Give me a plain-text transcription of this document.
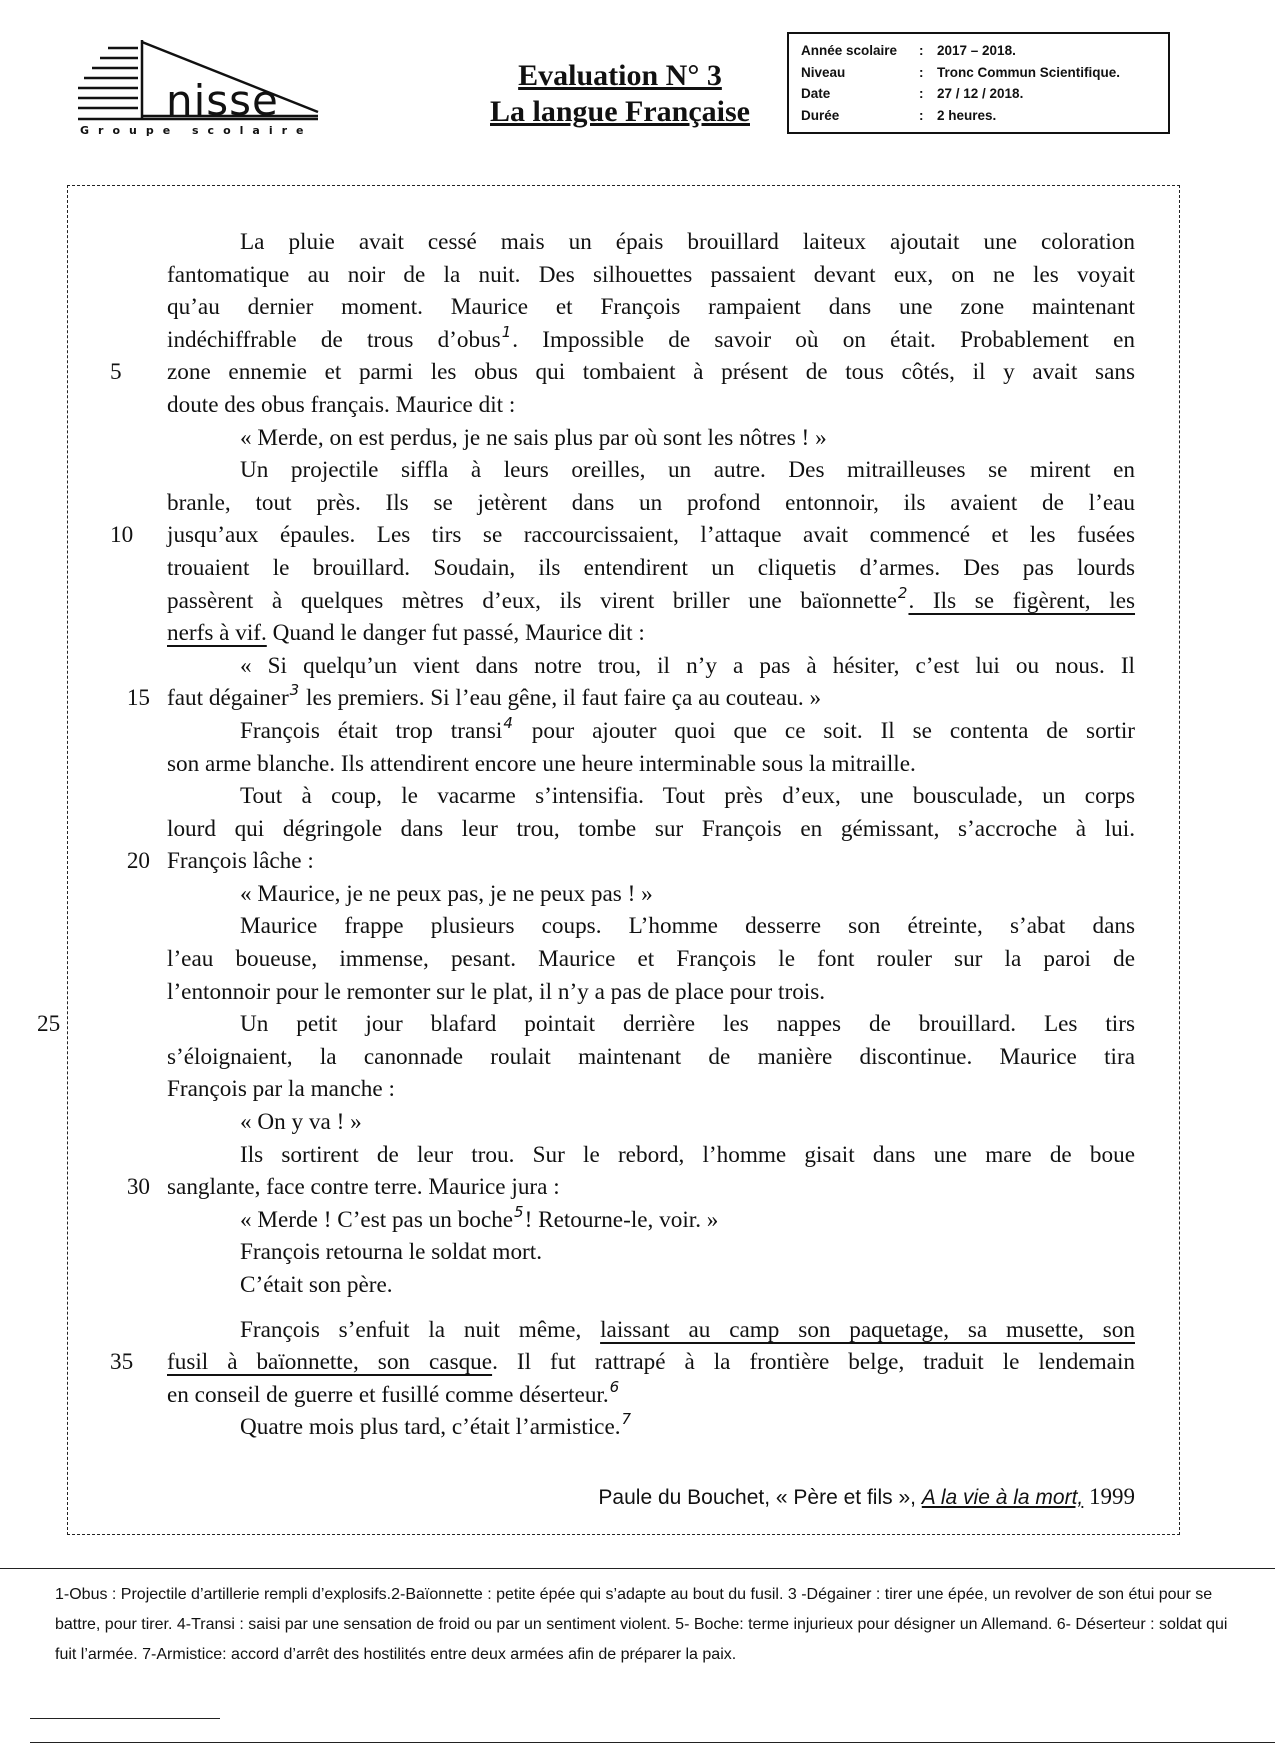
nisse
Groupe scolaire
Evaluation N° 3
La langue Française
Année scolaire	:	2017 – 2018.
Niveau	:	Tronc Commun Scientifique.
Date	:	27 / 12 / 2018.
Durée	:	2 heures.
La pluie avait cessé mais un épais brouillard laiteux ajoutait une coloration
fantomatique au noir de la nuit. Des silhouettes passaient devant eux, on ne les voyait
qu’au dernier moment. Maurice et François rampaient dans une zone maintenant
indéchiffrable de trous d’obus$^1$. Impossible de savoir où on était. Probablement en
5	zone ennemie et parmi les obus qui tombaient à présent de tous côtés, il y avait sans
doute des obus français. Maurice dit :
« Merde, on est perdus, je ne sais plus par où sont les nôtres ! »
Un projectile siffla à leurs oreilles, un autre. Des mitrailleuses se mirent en
branle, tout près. Ils se jetèrent dans un profond entonnoir, ils avaient de l’eau
10	jusqu’aux épaules. Les tirs se raccourcissaient, l’attaque avait commencé et les fusées
trouaient le brouillard. Soudain, ils entendirent un cliquetis d’armes. Des pas lourds
passèrent à quelques mètres d’eux, ils virent briller une baïonnette$^2$. Ils se figèrent, les
nerfs à vif. Quand le danger fut passé, Maurice dit :
« Si quelqu’un vient dans notre trou, il n’y a pas à hésiter, c’est lui ou nous. Il
15 faut dégainer$^3$ les premiers. Si l’eau gêne, il faut faire ça au couteau. »
François était trop transi$^4$ pour ajouter quoi que ce soit. Il se contenta de sortir
son arme blanche. Ils attendirent encore une heure interminable sous la mitraille.
Tout à coup, le vacarme s’intensifia. Tout près d’eux, une bousculade, un corps
lourd qui dégringole dans leur trou, tombe sur François en gémissant, s’accroche à lui.
20 François lâche :
« Maurice, je ne peux pas, je ne peux pas ! »
Maurice frappe plusieurs coups. L’homme desserre son étreinte, s’abat dans
l’eau boueuse, immense, pesant. Maurice et François le font rouler sur la paroi de
l’entonnoir pour le remonter sur le plat, il n’y a pas de place pour trois.
25	Un petit jour blafard pointait derrière les nappes de brouillard. Les tirs
s’éloignaient, la canonnade roulait maintenant de manière discontinue. Maurice tira
François par la manche :
« On y va ! »
Ils sortirent de leur trou. Sur le rebord, l’homme gisait dans une mare de boue
30 sanglante, face contre terre. Maurice jura :
« Merde ! C’est pas un boche$^5$! Retourne-le, voir. »
François retourna le soldat mort.
C’était son père.
François s’enfuit la nuit même, laissant au camp son paquetage, sa musette, son
35	fusil à baïonnette, son casque. Il fut rattrapé à la frontière belge, traduit le lendemain
en conseil de guerre et fusillé comme déserteur.$^6$
Quatre mois plus tard, c’était l’armistice.$^7$
Paule du Bouchet, « Père et fils », A la vie à la mort, 1999
1-Obus : Projectile d’artillerie rempli d’explosifs.2-Baïonnette : petite épée qui s’adapte au bout du fusil. 3 -Dégainer : tirer une épée, un revolver de son étui pour se battre, pour tirer. 4-Transi : saisi par une sensation de froid ou par un sentiment violent. 5- Boche: terme injurieux pour désigner un Allemand. 6- Déserteur : soldat qui fuit l’armée. 7-Armistice: accord d’arrêt des hostilités entre deux armées afin de préparer la paix.
